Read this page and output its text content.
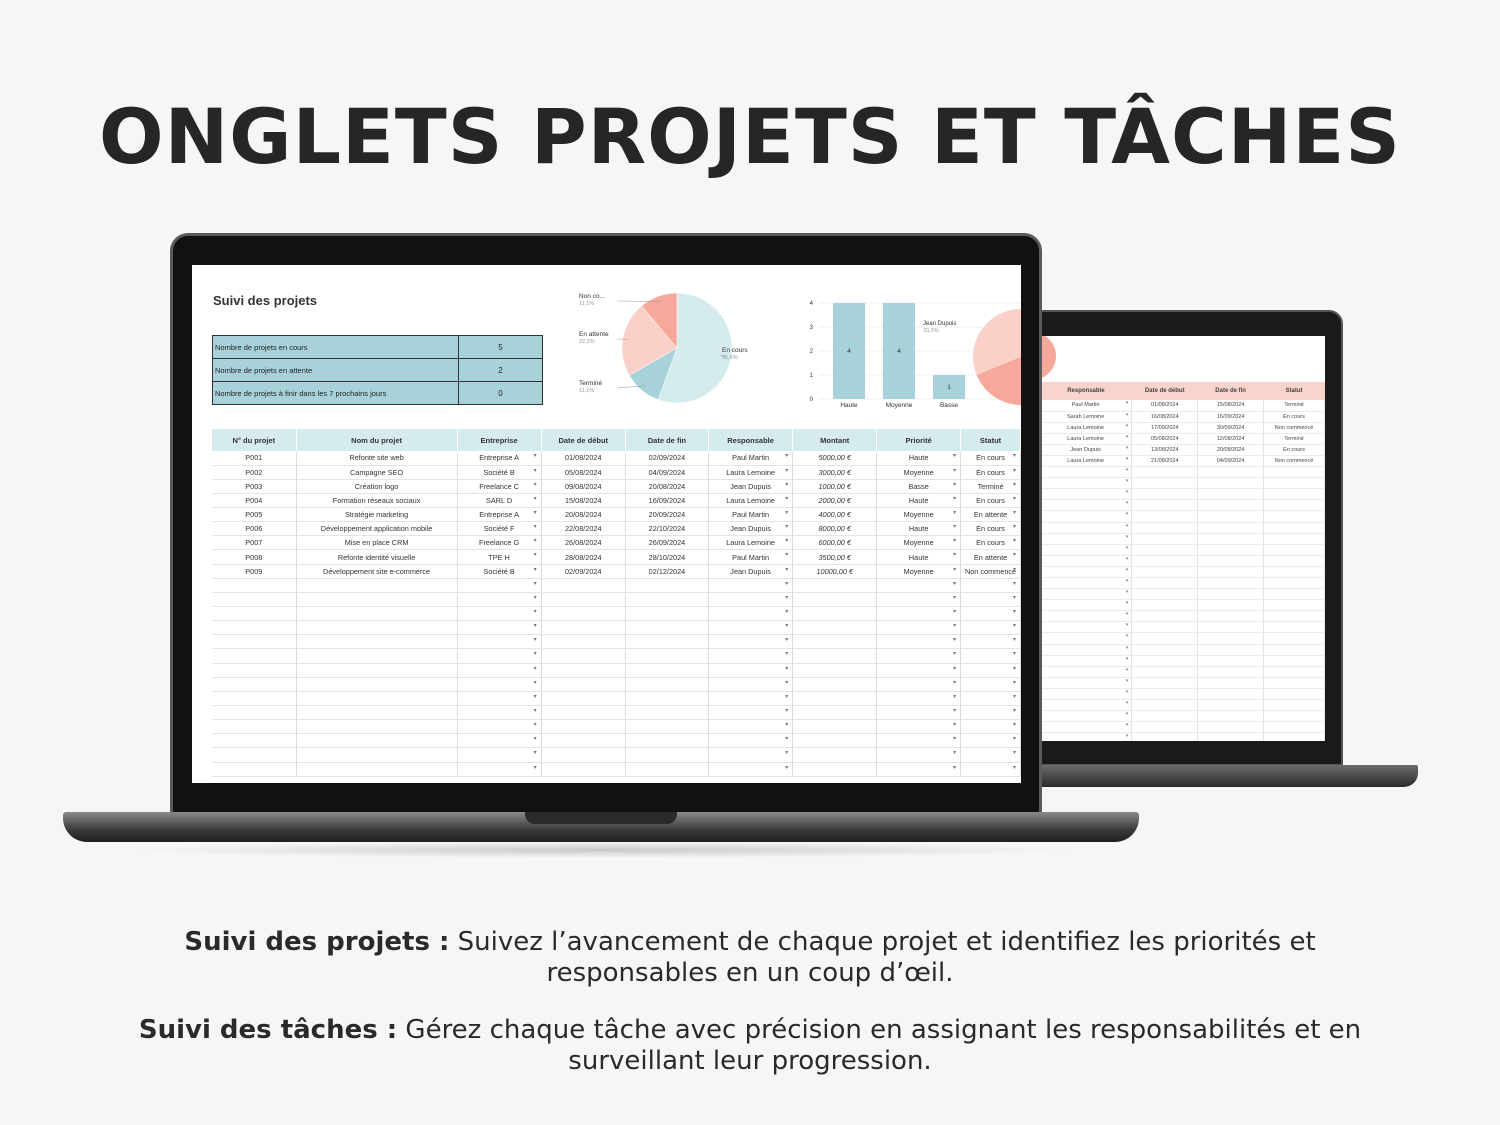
ONGLETS PROJETS ET TÂCHES
Responsable	Date de début	Date de fin	Statut
Paul Martin ▾	01/08/2024	15/08/2024	Terminé
Sarah Lemoine ▾	16/08/2024	16/09/2024	En cours
Laura Lemoine ▾	17/09/2024	30/09/2024	Non commencé
Laura Lemoine ▾	05/08/2024	12/08/2024	Terminé
Jean Dupuis ▾	13/08/2024	20/08/2024	En cours
Laura Lemoine ▾	21/08/2024	04/09/2024	Non commencé
▾			
▾			
▾			
▾			
▾			
▾			
▾			
▾			
▾			
▾			
▾			
▾			
▾			
▾			
▾			
▾			
▾			
▾			
▾			
▾			
▾			
▾			
▾			
▾			
▾			
Suivi des projets
Nombre de projets en cours	5
Nombre de projets en attente	2
Nombre de projets à finir dans les 7 prochains jours	0
En cours
55,6%
Terminé
11,1%
En attente
22,2%
Non co...
11,1%
0
1
2
3
4
4
Haute
4
Moyenne
1
Basse
Jean Dupuis
33,3%
N° du projet	Nom du projet	Entreprise	Date de début	Date de fin	Responsable	Montant	Priorité	Statut
P001	Refonte site web	Entreprise A ▾	01/08/2024	02/09/2024	Paul Martin ▾	5000,00 €	Haute ▾	En cours ▾
P002	Campagne SEO	Société B ▾	05/08/2024	04/09/2024	Laura Lemoine ▾	3000,00 €	Moyenne ▾	En cours ▾
P003	Création logo	Freelance C ▾	09/08/2024	20/08/2024	Jean Dupuis ▾	1000,00 €	Basse ▾	Terminé ▾
P004	Formation réseaux sociaux	SARL D ▾	15/08/2024	16/09/2024	Laura Lemoine ▾	2000,00 €	Haute ▾	En cours ▾
P005	Stratégie marketing	Entreprise A ▾	20/08/2024	20/09/2024	Paul Martin ▾	4000,00 €	Moyenne ▾	En attente ▾
P006	Développement application mobile	Société F ▾	22/08/2024	22/10/2024	Jean Dupuis ▾	8000,00 €	Haute ▾	En cours ▾
P007	Mise en place CRM	Freelance G ▾	26/08/2024	26/09/2024	Laura Lemoine ▾	6000,00 €	Moyenne ▾	En cours ▾
P008	Refonte identité visuelle	TPE H ▾	28/08/2024	28/10/2024	Paul Martin ▾	3500,00 €	Haute ▾	En attente ▾
P009	Développement site e-commerce	Société B ▾	02/09/2024	02/12/2024	Jean Dupuis ▾	10000,00 €	Moyenne ▾	Non commencé ▾
		▾			▾		▾	▾
		▾			▾		▾	▾
		▾			▾		▾	▾
		▾			▾		▾	▾
		▾			▾		▾	▾
		▾			▾		▾	▾
		▾			▾		▾	▾
		▾			▾		▾	▾
		▾			▾		▾	▾
		▾			▾		▾	▾
		▾			▾		▾	▾
		▾			▾		▾	▾
		▾			▾		▾	▾
		▾			▾		▾	▾

Suivi des projets : Suivez l’avancement de chaque projet et identifiez les priorités et
responsables en un coup d’œil.

Suivi des tâches : Gérez chaque tâche avec précision en assignant les responsabilités et en
surveillant leur progression.
